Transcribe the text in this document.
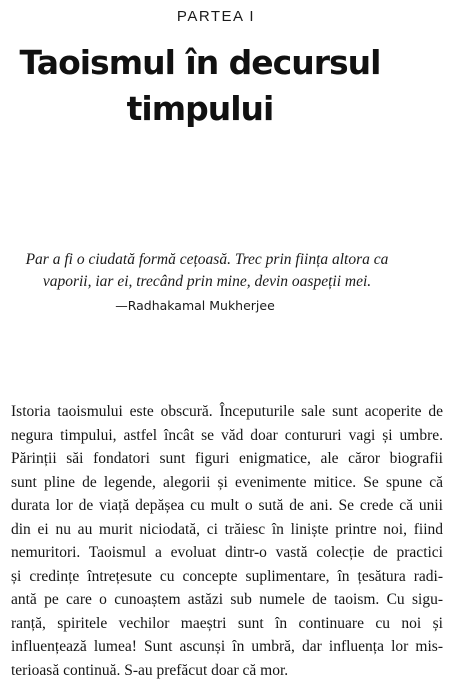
PARTEA I
Taoismul în decursul
timpului
Par a fi o ciudată formă cețoasă. Trec prin ființa altora ca
vaporii, iar ei, trecând prin mine, devin oaspeții mei.
—Radhakamal Mukherjee
Istoria taoismului este obscură. Începuturile sale sunt acoperite de
negura timpului, astfel încât se văd doar contururi vagi și umbre.
Părinții săi fondatori sunt figuri enigmatice, ale căror biografii
sunt pline de legende, alegorii și evenimente mitice. Se spune că
durata lor de viață depășea cu mult o sută de ani. Se crede că unii
din ei nu au murit niciodată, ci trăiesc în liniște printre noi, fiind
nemuritori. Taoismul a evoluat dintr-o vastă colecție de practici
și credințe întrețesute cu concepte suplimentare, în țesătura radi-
antă pe care o cunoaștem astăzi sub numele de taoism. Cu sigu-
ranță, spiritele vechilor maeștri sunt în continuare cu noi și
influențează lumea! Sunt ascunși în umbră, dar influența lor mis-
terioasă continuă. S-au prefăcut doar că mor.
